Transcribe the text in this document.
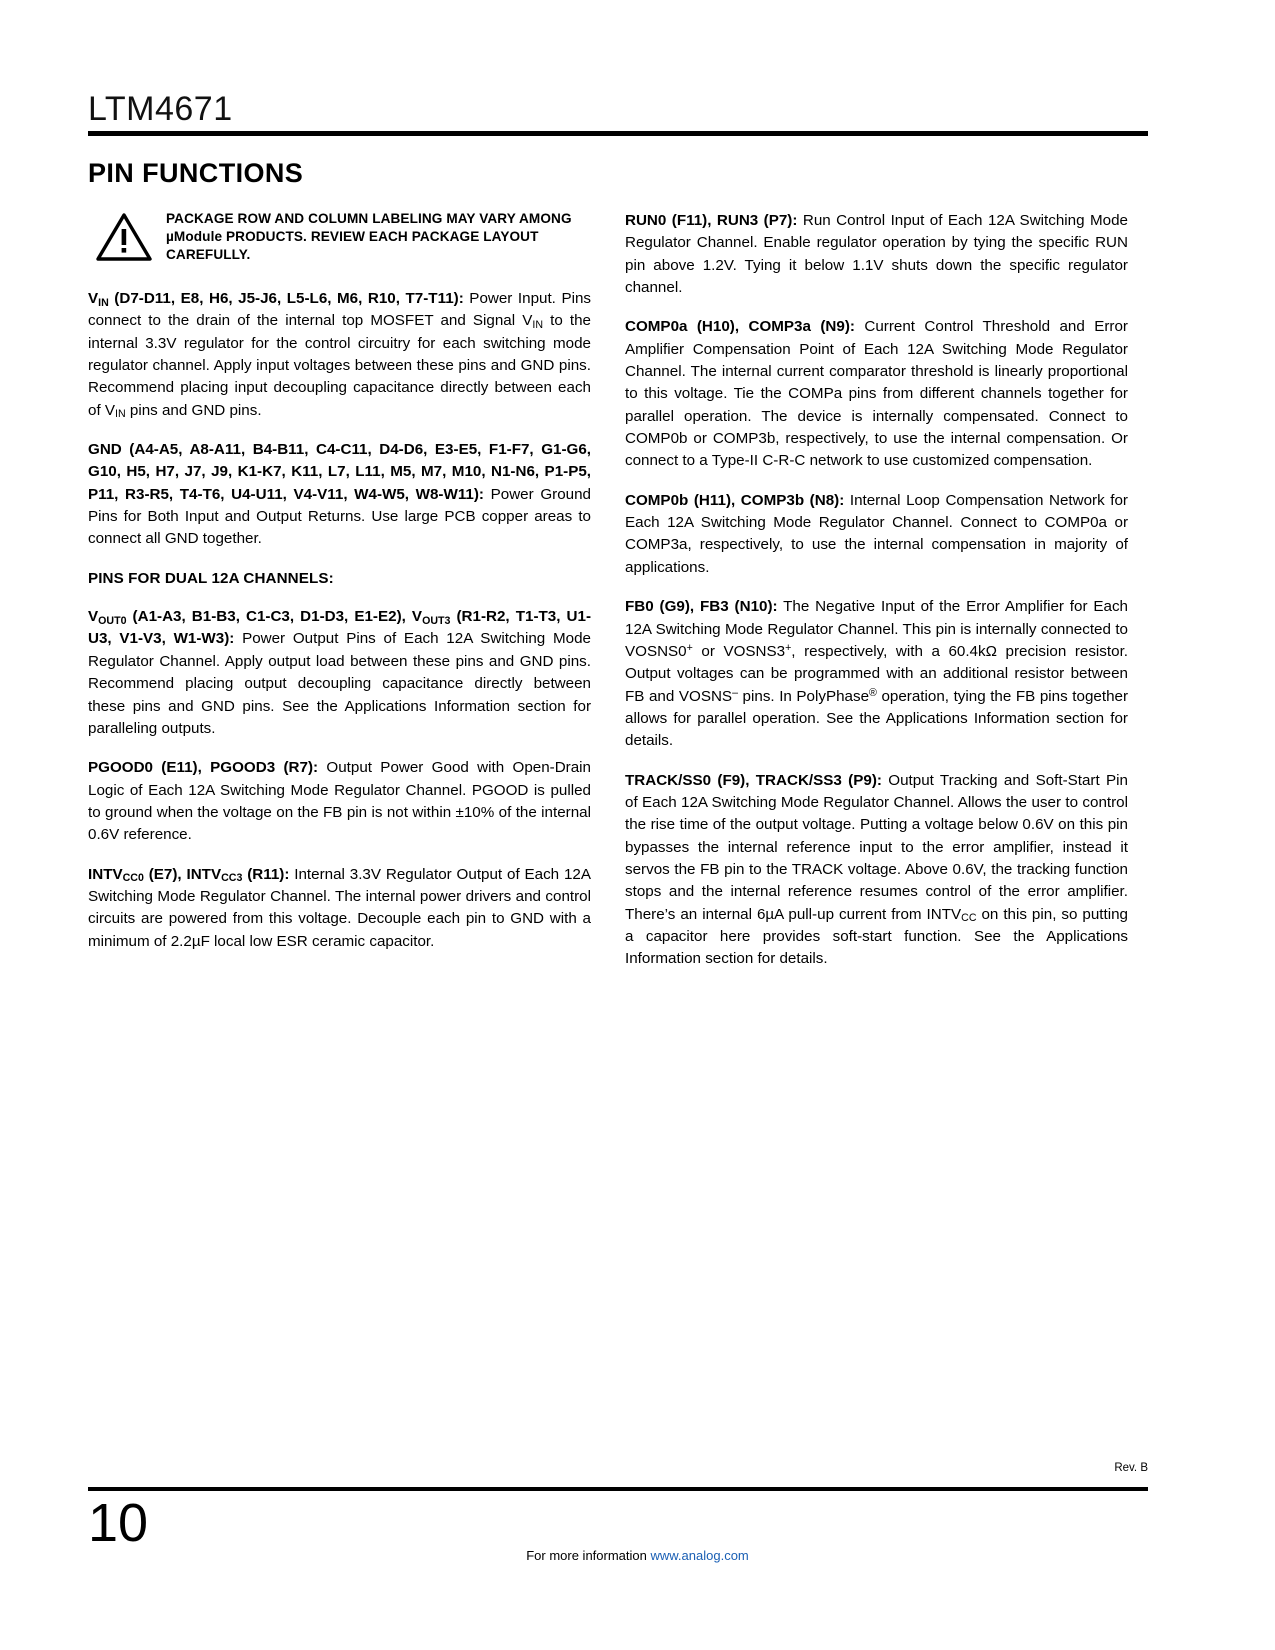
LTM4671
PIN FUNCTIONS
PACKAGE ROW AND COLUMN LABELING MAY VARY AMONG µModule PRODUCTS. REVIEW EACH PACKAGE LAYOUT CAREFULLY.

$V_{IN}$ (D7-D11, E8, H6, J5-J6, L5-L6, M6, R10, T7-T11): Power Input. Pins connect to the drain of the internal top MOSFET and Signal $V_{IN}$ to the internal 3.3V regulator for the control circuitry for each switching mode regulator channel. Apply input voltages between these pins and GND pins. Recommend placing input decoupling capacitance directly between each of $V_{IN}$ pins and GND pins.

GND (A4-A5, A8-A11, B4-B11, C4-C11, D4-D6, E3-E5, F1-F7, G1-G6, G10, H5, H7, J7, J9, K1-K7, K11, L7, L11, M5, M7, M10, N1-N6, P1-P5, P11, R3-R5, T4-T6, U4-U11, V4-V11, W4-W5, W8-W11): Power Ground Pins for Both Input and Output Returns. Use large PCB copper areas to connect all GND together.

PINS FOR DUAL 12A CHANNELS:

$V_{OUT0}$ (A1-A3, B1-B3, C1-C3, D1-D3, E1-E2), $V_{OUT3}$ (R1-R2, T1-T3, U1-U3, V1-V3, W1-W3): Power Output Pins of Each 12A Switching Mode Regulator Channel. Apply output load between these pins and GND pins. Recommend placing output decoupling capacitance directly between these pins and GND pins. See the Applications Information section for paralleling outputs.

PGOOD0 (E11), PGOOD3 (R7): Output Power Good with Open-Drain Logic of Each 12A Switching Mode Regulator Channel. PGOOD is pulled to ground when the voltage on the FB pin is not within ±10% of the internal 0.6V reference.

$INTV_{CC0}$ (E7), $INTV_{CC3}$ (R11): Internal 3.3V Regulator Output of Each 12A Switching Mode Regulator Channel. The internal power drivers and control circuits are powered from this voltage. Decouple each pin to GND with a minimum of 2.2µF local low ESR ceramic capacitor.

RUN0 (F11), RUN3 (P7): Run Control Input of Each 12A Switching Mode Regulator Channel. Enable regulator operation by tying the specific RUN pin above 1.2V. Tying it below 1.1V shuts down the specific regulator channel.

COMP0a (H10), COMP3a (N9): Current Control Threshold and Error Amplifier Compensation Point of Each 12A Switching Mode Regulator Channel. The internal current comparator threshold is linearly proportional to this voltage. Tie the COMPa pins from different channels together for parallel operation. The device is internally compensated. Connect to COMP0b or COMP3b, respectively, to use the internal compensation. Or connect to a Type-II C-R-C network to use customized compensation.

COMP0b (H11), COMP3b (N8): Internal Loop Compensation Network for Each 12A Switching Mode Regulator Channel. Connect to COMP0a or COMP3a, respectively, to use the internal compensation in majority of applications.

FB0 (G9), FB3 (N10): The Negative Input of the Error Amplifier for Each 12A Switching Mode Regulator Channel. This pin is internally connected to VOSNS0+ or VOSNS3+, respectively, with a 60.4kΩ precision resistor. Output voltages can be programmed with an additional resistor between FB and VOSNS– pins. In PolyPhase® operation, tying the FB pins together allows for parallel operation. See the Applications Information section for details.

TRACK/SS0 (F9), TRACK/SS3 (P9): Output Tracking and Soft-Start Pin of Each 12A Switching Mode Regulator Channel. Allows the user to control the rise time of the output voltage. Putting a voltage below 0.6V on this pin bypasses the internal reference input to the error amplifier, instead it servos the FB pin to the TRACK voltage. Above 0.6V, the tracking function stops and the internal reference resumes control of the error amplifier. There’s an internal 6µA pull-up current from $INTV_{CC}$ on this pin, so putting a capacitor here provides soft-start function. See the Applications Information section for details.

Rev. B
10
For more information www.analog.com
